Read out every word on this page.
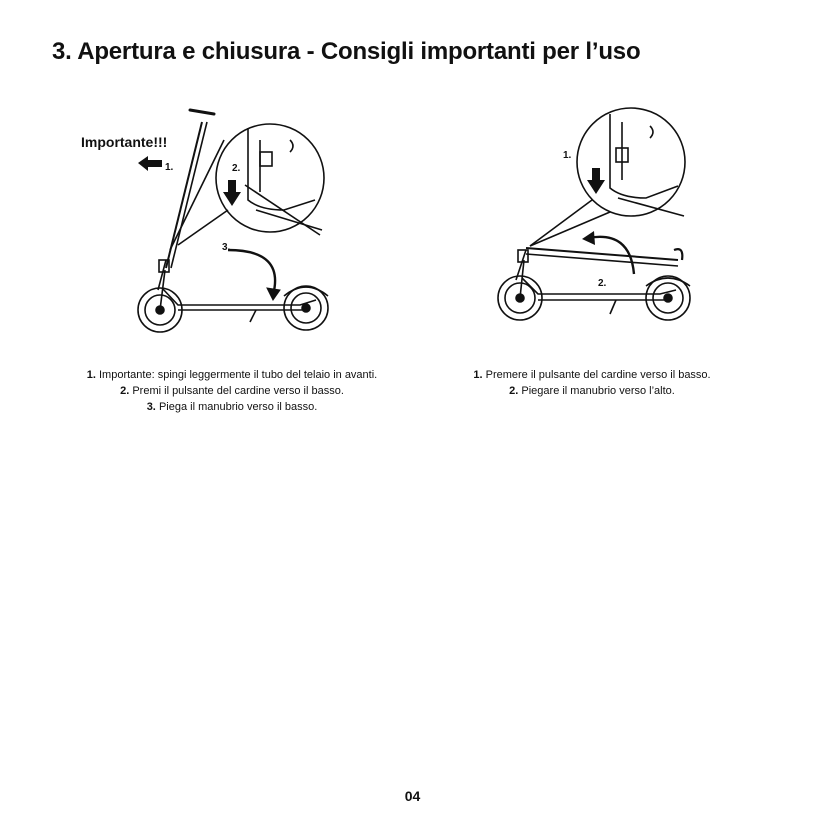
3. Apertura e chiusura - Consigli importanti per l’uso
Importante!!!
1.	2.
3.
1.
2.
1. Importante: spingi leggermente il tubo del telaio in avanti.
2. Premi il pulsante del cardine verso il basso.
3. Piega il manubrio verso il basso.
1. Premere il pulsante del cardine verso il basso.
2. Piegare il manubrio verso l’alto.
04
